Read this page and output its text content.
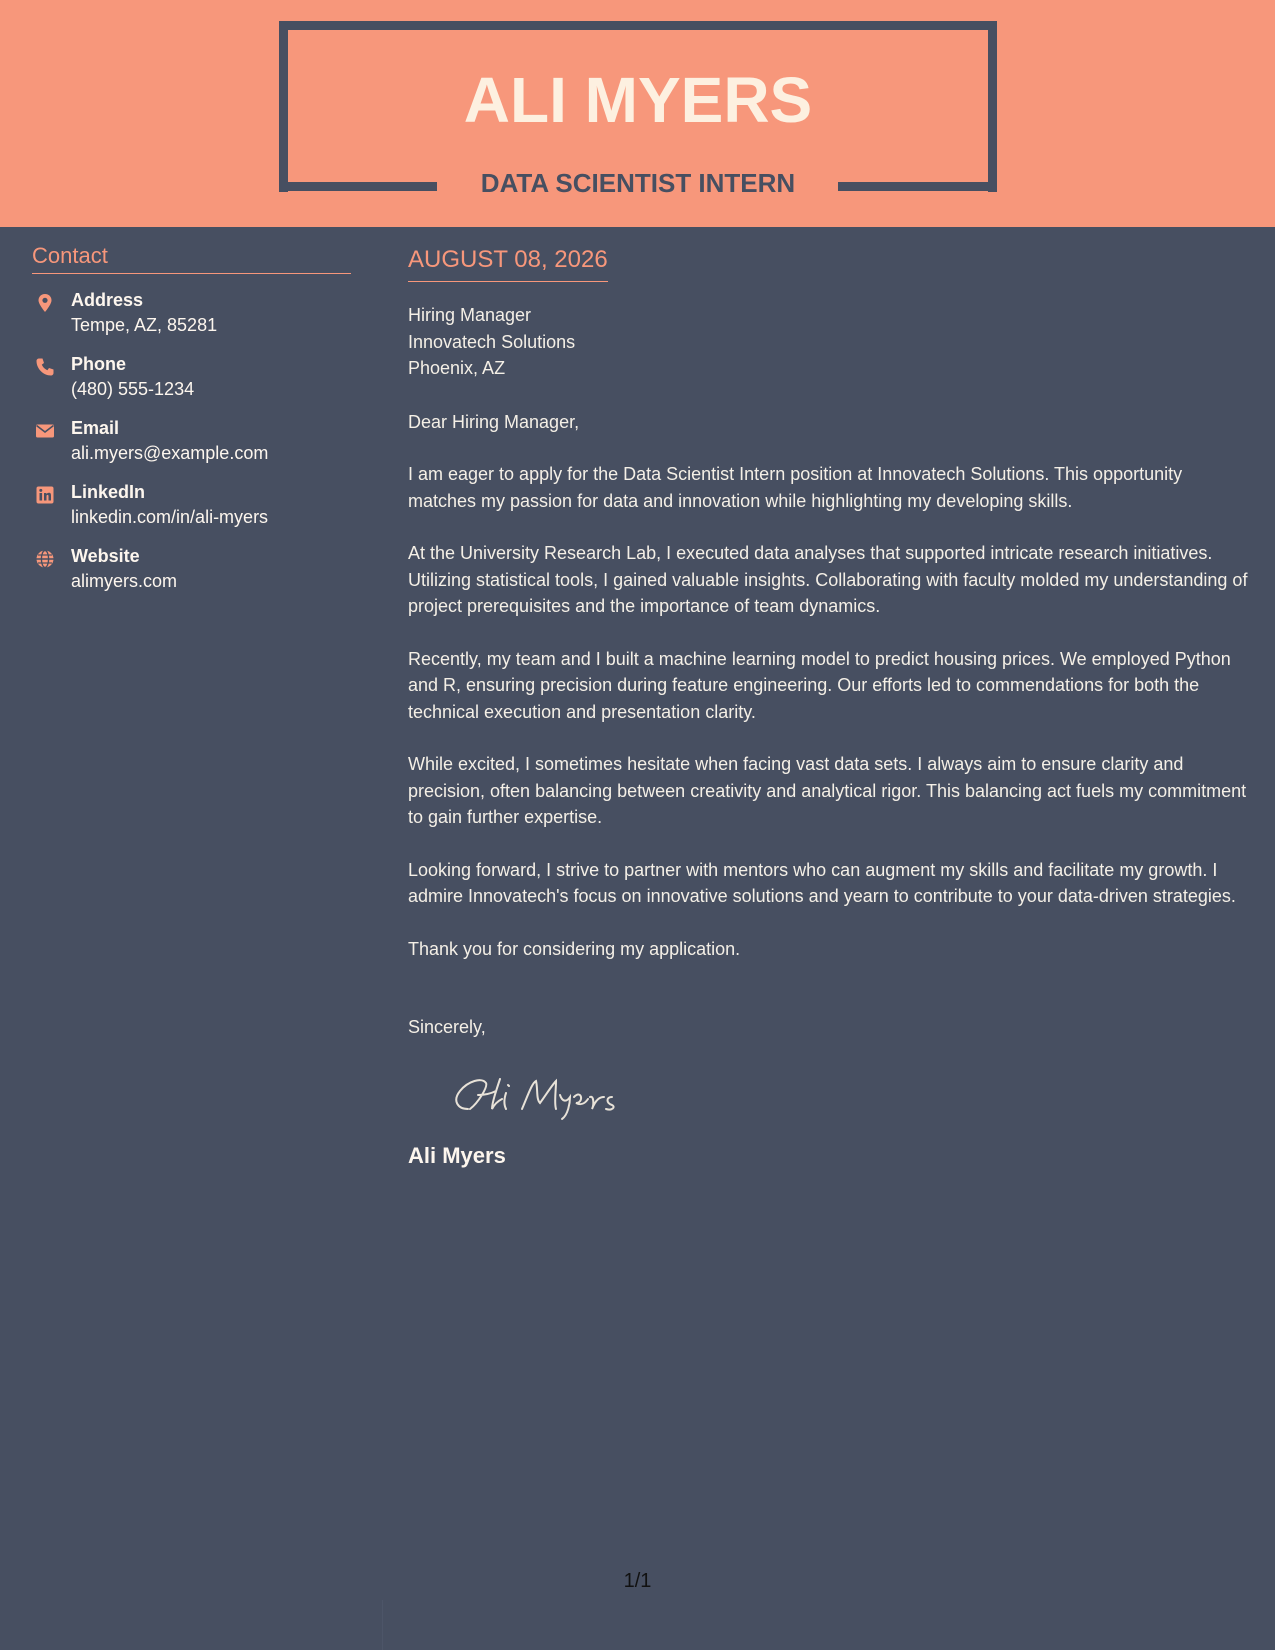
ALI MYERS
DATA SCIENTIST INTERN
Contact
Address
Tempe, AZ, 85281
Phone
(480) 555-1234
Email
ali.myers@example.com
LinkedIn
linkedin.com/in/ali-myers
Website
alimyers.com
AUGUST 08, 2026
Hiring Manager
Innovatech Solutions
Phoenix, AZ
Dear Hiring Manager,
I am eager to apply for the Data Scientist Intern position at Innovatech Solutions. This opportunity matches my passion for data and innovation while highlighting my developing skills.
At the University Research Lab, I executed data analyses that supported intricate research initiatives. Utilizing statistical tools, I gained valuable insights. Collaborating with faculty molded my understanding of project prerequisites and the importance of team dynamics.
Recently, my team and I built a machine learning model to predict housing prices. We employed Python and R, ensuring precision during feature engineering. Our efforts led to commendations for both the technical execution and presentation clarity.
While excited, I sometimes hesitate when facing vast data sets. I always aim to ensure clarity and precision, often balancing between creativity and analytical rigor. This balancing act fuels my commitment to gain further expertise.
Looking forward, I strive to partner with mentors who can augment my skills and facilitate my growth. I admire Innovatech's focus on innovative solutions and yearn to contribute to your data-driven strategies.
Thank you for considering my application.
Sincerely,
Ali Myers
1/1
